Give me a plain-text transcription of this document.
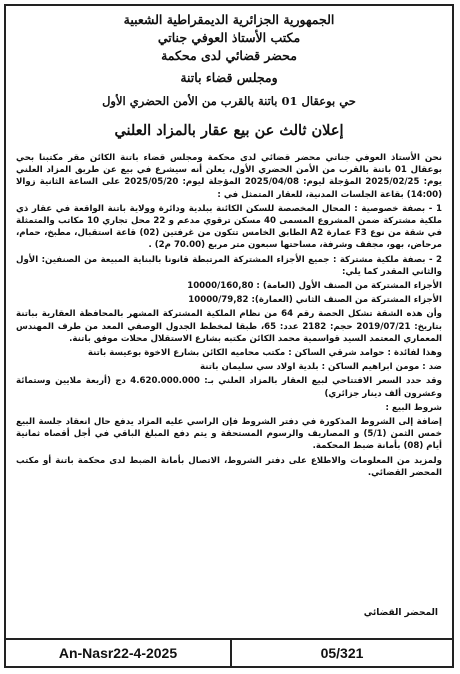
الجمهورية الجزائرية الديمقراطية الشعبية
مكتب الأستاذ العوفي جناتي
محضر قضائي لدى محكمة
ومجلس قضاء باتنة
حي بوعقال 01 باتنة بالقرب من الأمن الحضري الأول
إعلان ثالث عن بيع عقار بالمزاد العلني

نحن الأستاذ العوفي جناتي محضر قضائي لدى محكمة ومجلس قضاء باتنة الكائن مقر مكتبنا بحي بوعقال 01 باتنة بالقرب من الأمن الحضري الأول، يعلن أنه سيشرع في بيع عن طريق المزاد العلني يوم: 2025/02/25 المؤجلة ليوم: 2025/04/08 المؤجلة ليوم: 2025/05/20 على الساعة الثانية زوالا (14:00) بقاعة الجلسات المدنية، للعقار المتمثل في :

1 - بصفة خصوصية : المحال المخصصة للسكن الكائنة ببلدية ودائرة وولاية باتنة الواقعة في عقار ذي ملكية مشتركة ضمن المشروع المسمى 40 مسكن ترقوي مدعم و 22 محل تجاري 10 مكاتب والمتمثلة في شقة من نوع F3 عمارة A2 الطابق الخامس تتكون من غرفتين (02) قاعة استقبال، مطبخ، حمام، مرحاض، بهو، مجفف وشرفة، مساحتها سبعون متر مربع (70.00 م2) .

2 - بصفة ملكية مشتركة : جميع الأجزاء المشتركة المرتبطة قانونا بالبناية المبيعة من الصنفين: الأول والثاني المقدر كما يلي:

الأجزاء المشتركة من الصنف الأول (العامة) : 10000/160,80

الأجزاء المشتركة من الصنف الثاني (العمارة): 10000/79,82

وأن هذه الشقة تشكل الحصة رقم 64 من نظام الملكية المشتركة المشهر بالمحافظة العقارية بباتنة بتاريخ: 2019/07/21 حجم: 2182 عدد: 65، طبقا لمخطط الجدول الوصفي المعد من طرف المهندس المعماري المعتمد السيد قواسمية محمد الكائن مكتبه بشارع الاستقلال محلات موفق باتنة.

وهذا لفائدة : حوامد شرقي الساكن : مكتب محاميه الكائن بشارع الاخوة بوعيسة باتنة

ضد : مومن ابراهيم الساكن : بلدية اولاد سي سليمان باتنة

وقد حدد السعر الافتتاحي لبيع العقار بالمزاد العلني بـ: 4.620.000.000 دج (أربعة ملايين وستمائة وعشرون ألف دينار جزائري)

شروط البيع :

إضافة إلى الشروط المذكورة في دفتر الشروط فإن الراسي عليه المزاد يدفع حال انعقاد جلسة البيع خمس الثمن (5/1) و المصاريف والرسوم المستحقة و يتم دفع المبلغ الباقي في أجل أقصاه ثمانية أيام (08) بأمانة ضبط المحكمة.

ولمزيد من المعلومات والاطلاع على دفتر الشروط، الاتصال بأمانة الضبط لدى محكمة باتنة أو مكتب المحضر القضائي.

المحضر القضائي
An-Nasr22-4-2025	05/321
